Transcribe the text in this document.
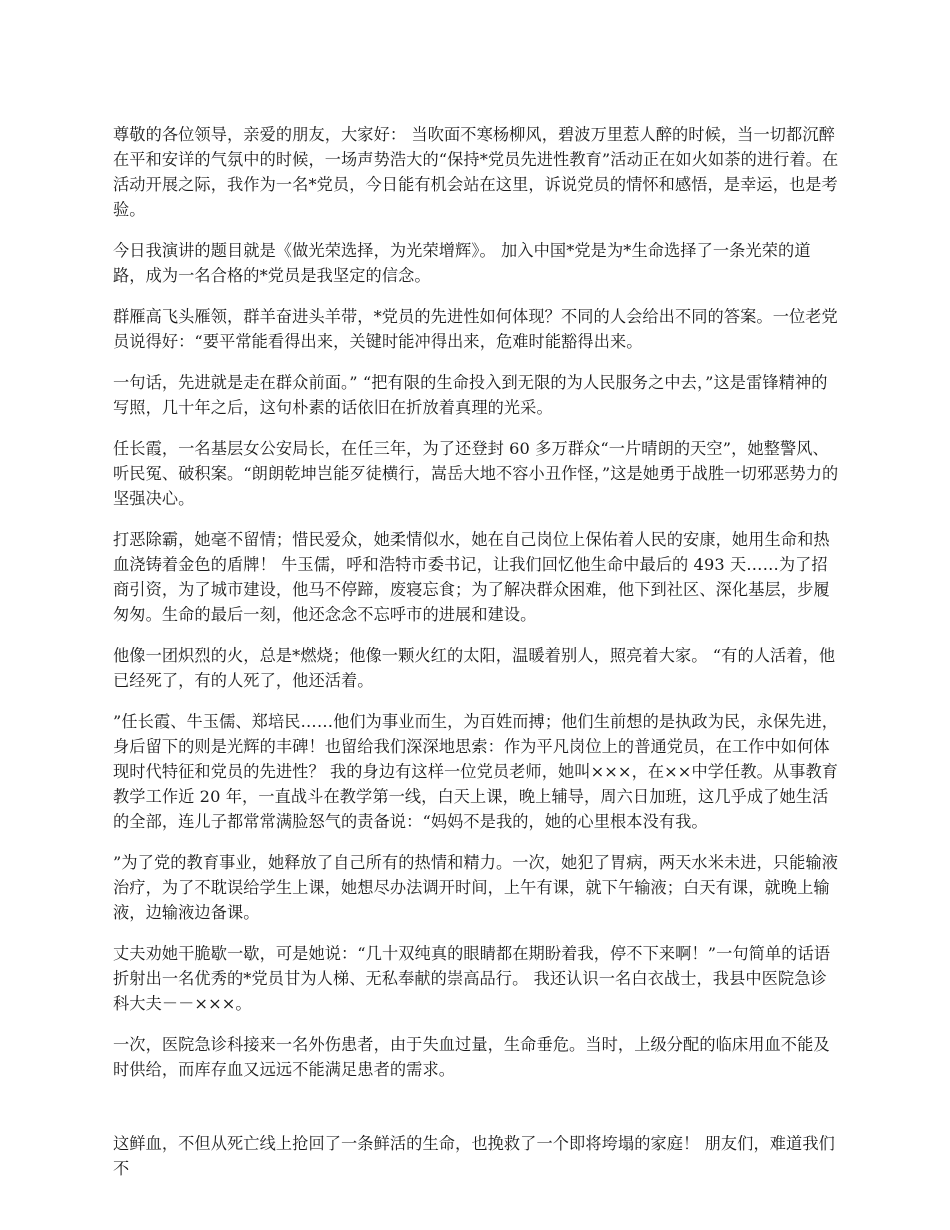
尊敬的各位领导，亲爱的朋友，大家好： 当吹面不寒杨柳风，碧波万里惹人醉的时候，当一切都沉醉在平和安详的气氛中的时候，一场声势浩大的“保持*党员先进性教育”活动正在如火如荼的进行着。在活动开展之际，我作为一名*党员，今日能有机会站在这里，诉说党员的情怀和感悟，是幸运，也是考验。

今日我演讲的题目就是《做光荣选择，为光荣增辉》。 加入中国*党是为*生命选择了一条光荣的道路，成为一名合格的*党员是我坚定的信念。

群雁高飞头雁领，群羊奋进头羊带，*党员的先进性如何体现？不同的人会给出不同的答案。一位老党员说得好：“要平常能看得出来，关键时能冲得出来，危难时能豁得出来。

一句话，先进就是走在群众前面。” “把有限的生命投入到无限的为人民服务之中去，”这是雷锋精神的写照，几十年之后，这句朴素的话依旧在折放着真理的光采。

任长霞，一名基层女公安局长，在任三年，为了还登封 60 多万群众“一片晴朗的天空”，她整警风、听民冤、破积案。“朗朗乾坤岂能歹徒横行，嵩岳大地不容小丑作怪，”这是她勇于战胜一切邪恶势力的坚强决心。

打恶除霸，她毫不留情；惜民爱众，她柔情似水，她在自己岗位上保佑着人民的安康，她用生命和热血浇铸着金色的盾牌！ 牛玉儒，呼和浩特市委书记，让我们回忆他生命中最后的 493 天……为了招商引资，为了城市建设，他马不停蹄，废寝忘食；为了解决群众困难，他下到社区、深化基层，步履匆匆。生命的最后一刻，他还念念不忘呼市的进展和建设。

他像一团炽烈的火，总是*燃烧；他像一颗火红的太阳，温暖着别人，照亮着大家。 “有的人活着，他已经死了，有的人死了，他还活着。

”任长霞、牛玉儒、郑培民……他们为事业而生，为百姓而搏；他们生前想的是执政为民，永保先进，身后留下的则是光辉的丰碑！也留给我们深深地思索：作为平凡岗位上的普通党员，在工作中如何体现时代特征和党员的先进性？ 我的身边有这样一位党员老师，她叫×××，在××中学任教。从事教育教学工作近 20 年，一直战斗在教学第一线，白天上课，晚上辅导，周六日加班，这几乎成了她生活的全部，连儿子都常常满脸怒气的责备说：“妈妈不是我的，她的心里根本没有我。

”为了党的教育事业，她释放了自己所有的热情和精力。一次，她犯了胃病，两天水米未进，只能输液治疗，为了不耽误给学生上课，她想尽办法调开时间，上午有课，就下午输液；白天有课，就晚上输液，边输液边备课。

丈夫劝她干脆歇一歇，可是她说：“几十双纯真的眼睛都在期盼着我，停不下来啊！”一句简单的话语折射出一名优秀的*党员甘为人梯、无私奉献的崇高品行。 我还认识一名白衣战士，我县中医院急诊科大夫－－×××。

一次，医院急诊科接来一名外伤患者，由于失血过量，生命垂危。当时，上级分配的临床用血不能及时供给，而库存血又远远不能满足患者的需求。

这鲜血，不但从死亡线上抢回了一条鲜活的生命，也挽救了一个即将垮塌的家庭！ 朋友们，难道我们不
